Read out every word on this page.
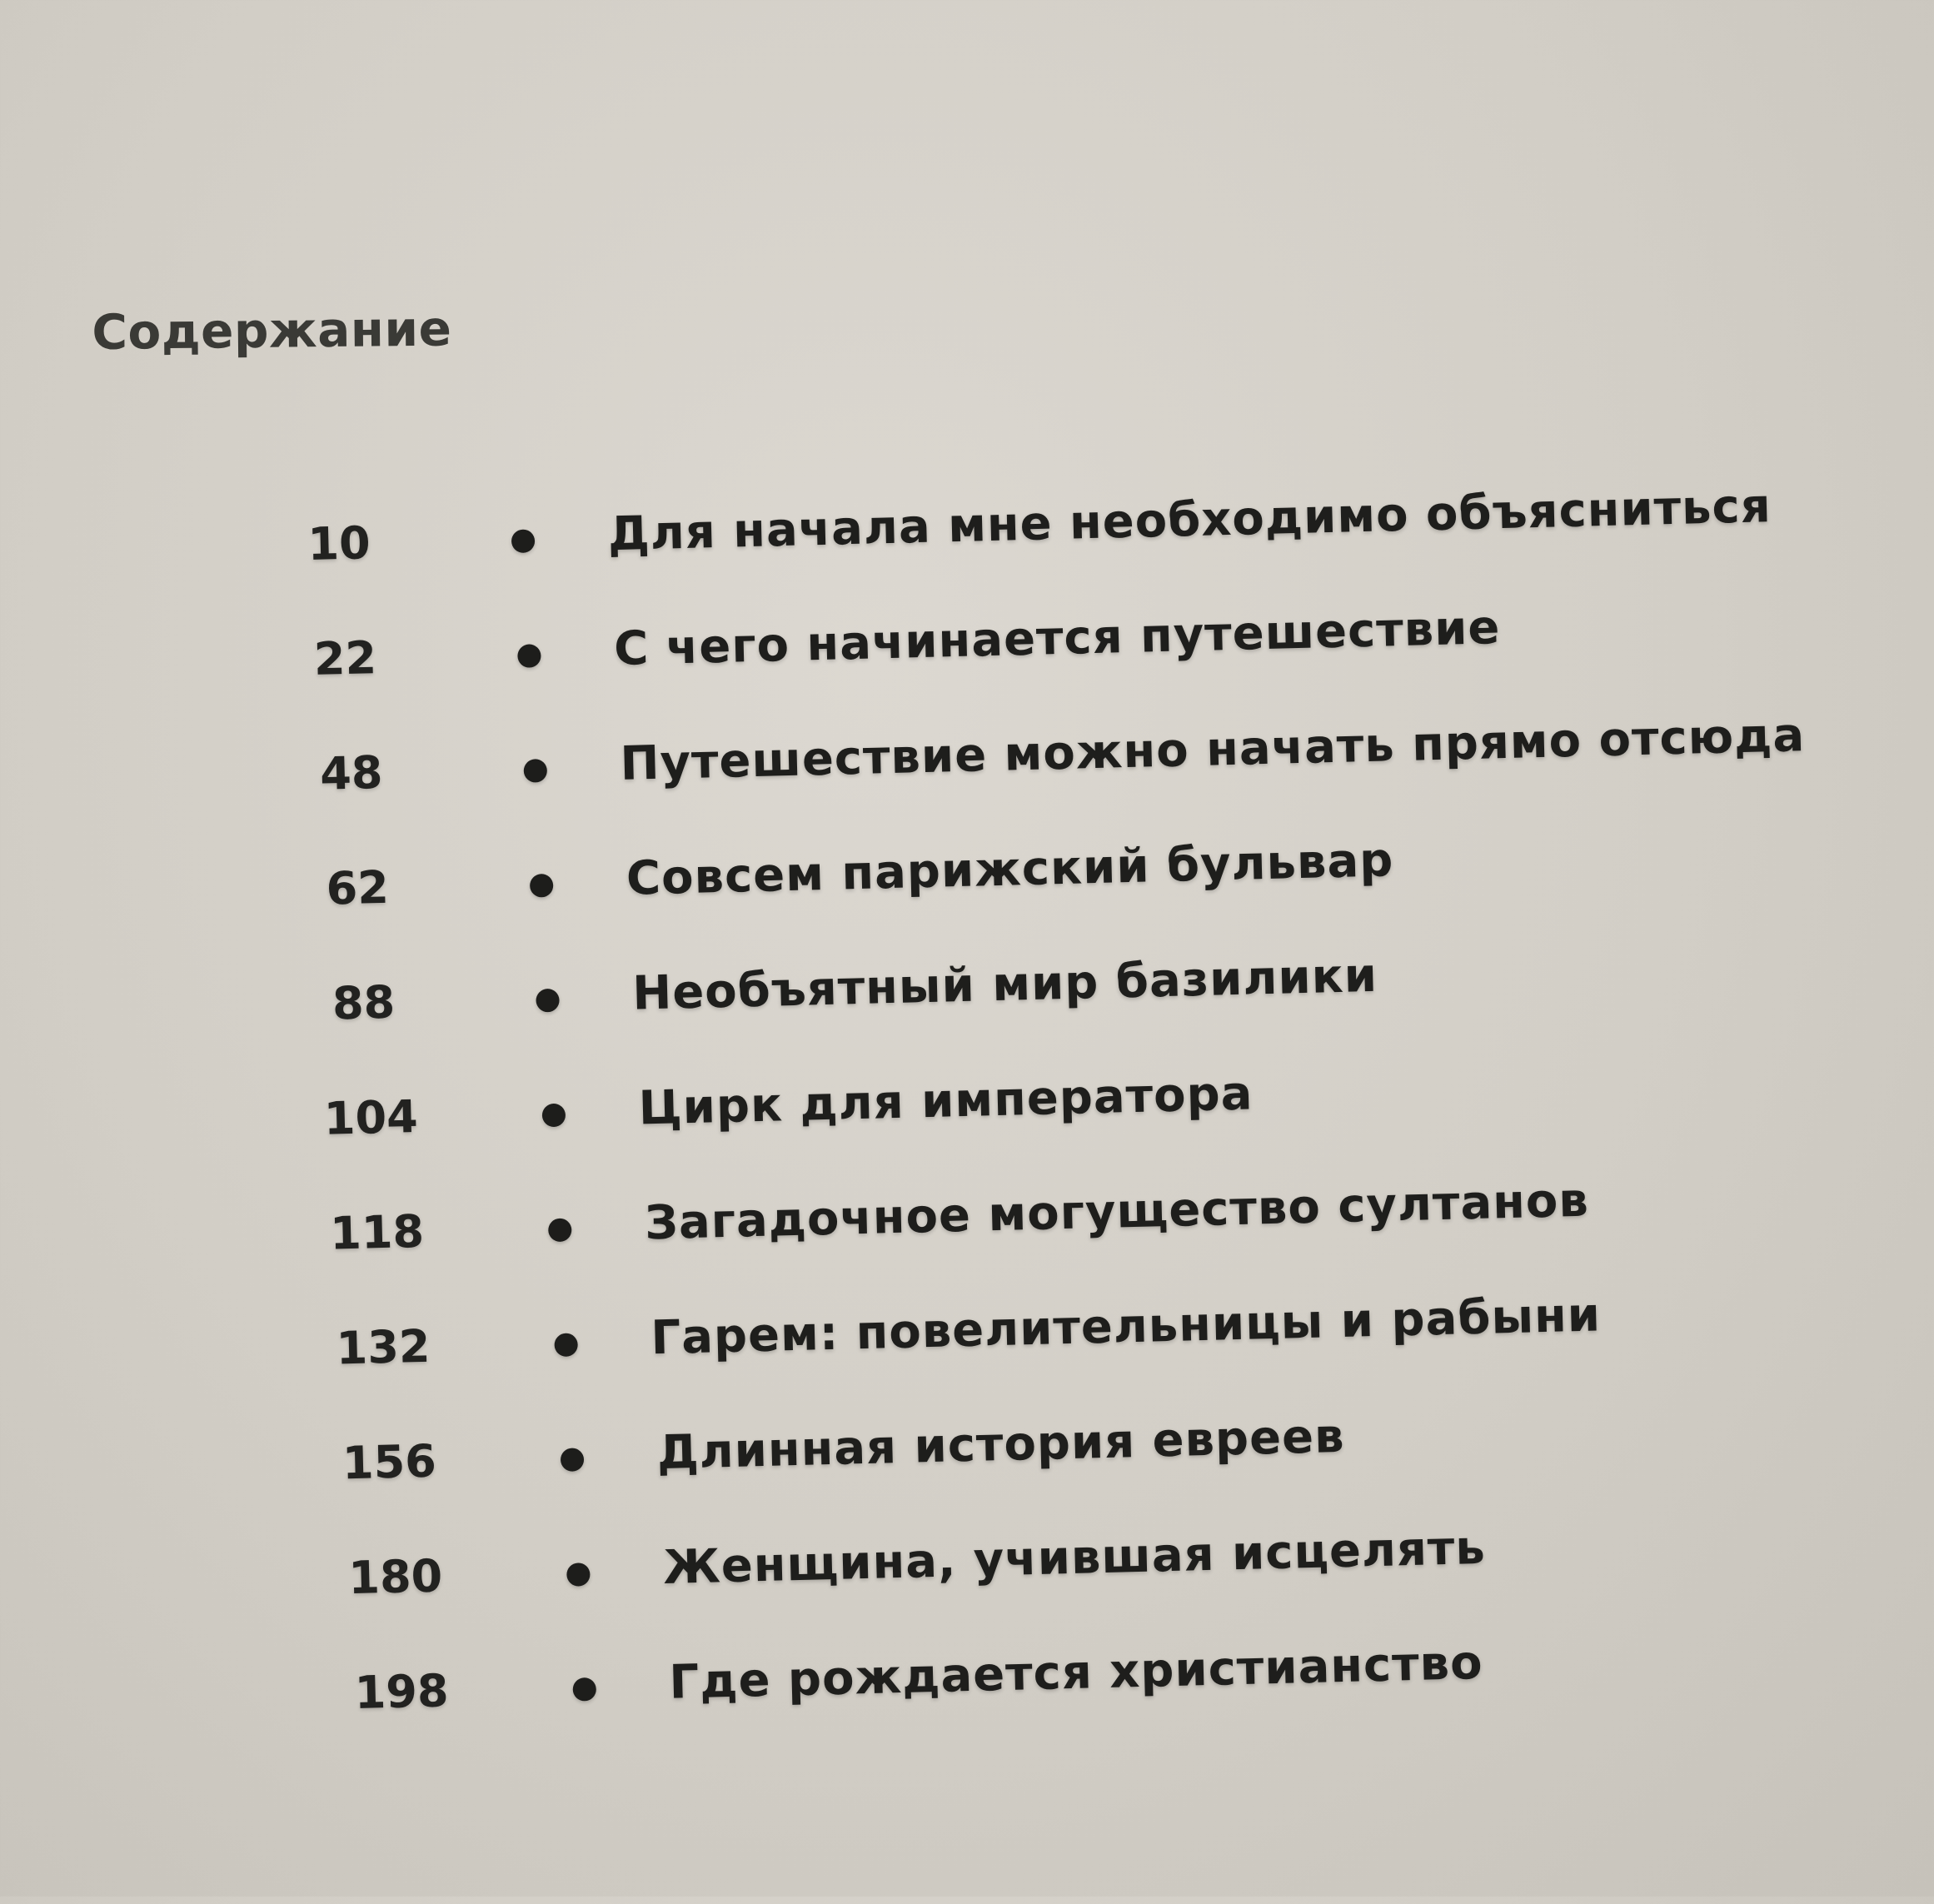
Содержание
10	Для начала мне необходимо объясниться
22	С чего начинается путешествие
48	Путешествие можно начать прямо отсюда
62	Совсем парижский бульвар
88	Необъятный мир базилики
104	Цирк для императора
118	Загадочное могущество султанов
132	Гарем: повелительницы и рабыни
156	Длинная история евреев
180	Женщина, учившая исцелять
198	Где рождается христианство
